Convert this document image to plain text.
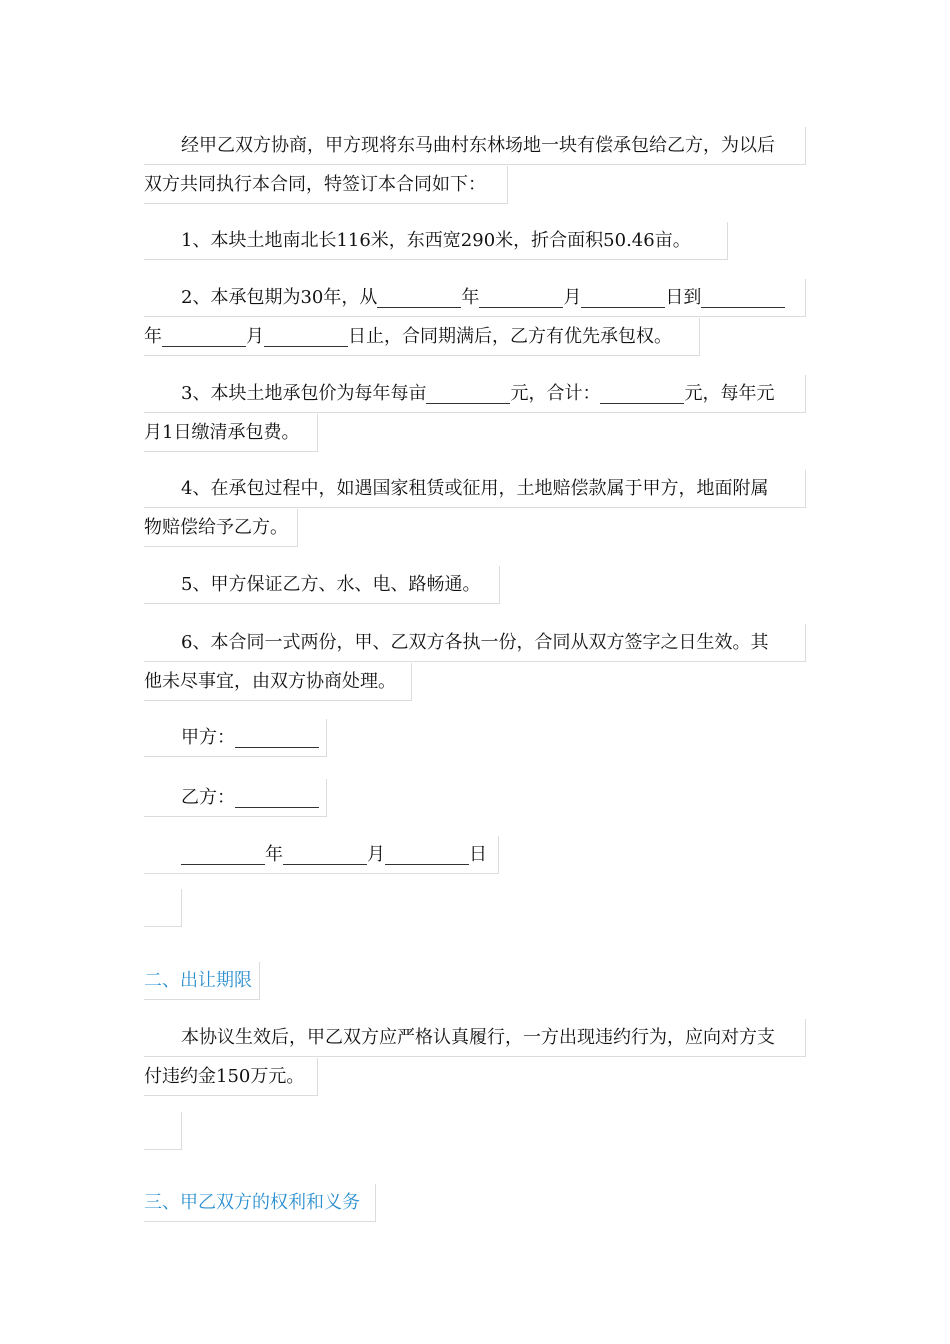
经甲乙双方协商，甲方现将东马曲村东林场地一块有偿承包给乙方，为以后
双方共同执行本合同，特签订本合同如下：
1、本块土地南北长116米，东西宽290米，折合面积50.46亩。
2、本承包期为30年，从	年	月	日到
年	月	日止，合同期满后，乙方有优先承包权。
3、本块土地承包价为每年每亩	元，合计：	元，每年元
月1日缴清承包费。
4、在承包过程中，如遇国家租赁或征用，土地赔偿款属于甲方，地面附属
物赔偿给予乙方。
5、甲方保证乙方、水、电、路畅通。
6、本合同一式两份，甲、乙双方各执一份，合同从双方签字之日生效。其
他未尽事宜，由双方协商处理。
甲方：
乙方：
年	月	日
二、出让期限
本协议生效后，甲乙双方应严格认真履行，一方出现违约行为，应向对方支
付违约金150万元。
三、甲乙双方的权利和义务
